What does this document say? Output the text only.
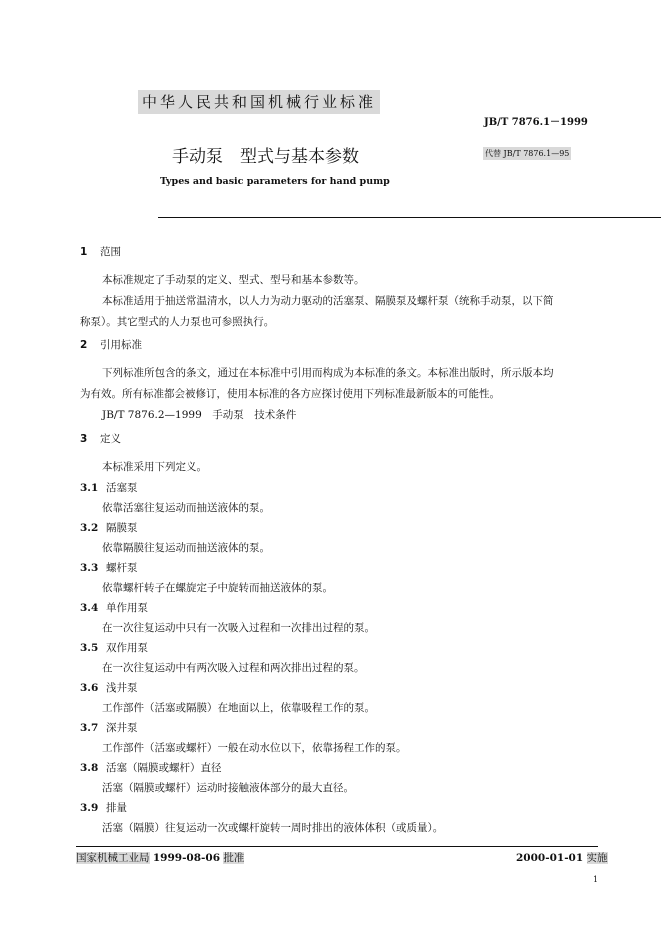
中华人民共和国机械行业标准
JB/T 7876.1－1999
手动泵　型式与基本参数	代替 JB/T 7876.1—95
Types and basic parameters for hand pump
1 范围
本标准规定了手动泵的定义、型式、型号和基本参数等。
本标准适用于抽送常温清水，以人力为动力驱动的活塞泵、隔膜泵及螺杆泵（统称手动泵，以下简
称泵）。其它型式的人力泵也可参照执行。
2 引用标准
下列标准所包含的条文，通过在本标准中引用而构成为本标准的条文。本标准出版时，所示版本均
为有效。所有标准都会被修订，使用本标准的各方应探讨使用下列标准最新版本的可能性。
JB/T 7876.2—1999　手动泵　技术条件
3 定义
本标准采用下列定义。
3.1 活塞泵
依靠活塞往复运动而抽送液体的泵。
3.2 隔膜泵
依靠隔膜往复运动而抽送液体的泵。
3.3 螺杆泵
依靠螺杆转子在螺旋定子中旋转而抽送液体的泵。
3.4 单作用泵
在一次往复运动中只有一次吸入过程和一次排出过程的泵。
3.5 双作用泵
在一次往复运动中有两次吸入过程和两次排出过程的泵。
3.6 浅井泵
工作部件（活塞或隔膜）在地面以上，依靠吸程工作的泵。
3.7 深井泵
工作部件（活塞或螺杆）一般在动水位以下，依靠扬程工作的泵。
3.8 活塞（隔膜或螺杆）直径
活塞（隔膜或螺杆）运动时接触液体部分的最大直径。
3.9 排量
活塞（隔膜）往复运动一次或螺杆旋转一周时排出的液体体积（或质量）。
国家机械工业局 1999-08-06 批准	2000-01-01 实施
1
